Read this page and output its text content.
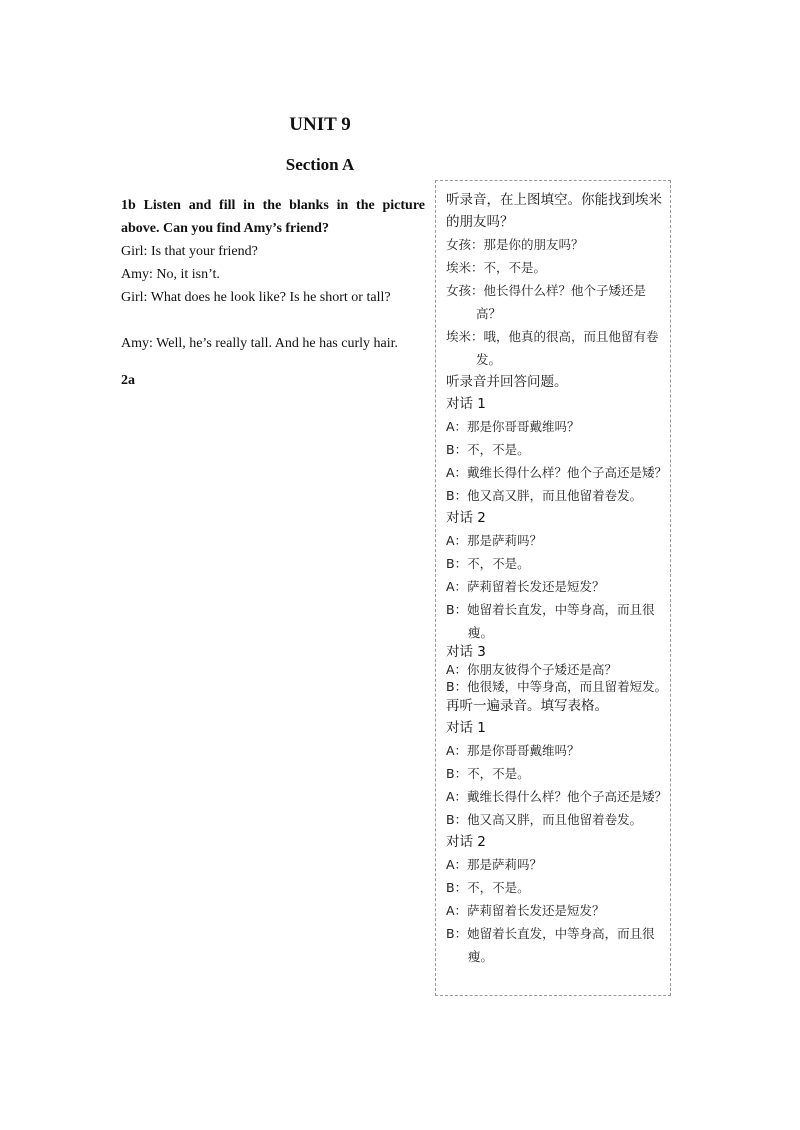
UNIT 9
Section A
1b Listen and fill in the blanks in the picture above. Can you find Amy’s friend?
Girl: Is that your friend?
Amy: No, it isn’t.
Girl: What does he look like? Is he short or tall?
Amy: Well, he’s really tall. And he has curly hair.
2a
听录音，在上图填空。你能找到埃米的朋友吗？
女孩：那是你的朋友吗？
埃米：不，不是。
女孩：他长得什么样？他个子矮还是高？
埃米：哦，他真的很高，而且他留有卷发。
听录音并回答问题。
对话 1
A：那是你哥哥戴维吗？
B：不，不是。
A：戴维长得什么样？他个子高还是矮？
B：他又高又胖，而且他留着卷发。
对话 2
A：那是萨莉吗？
B：不，不是。
A：萨莉留着长发还是短发？
B：她留着长直发，中等身高，而且很瘦。
对话 3
A：你朋友彼得个子矮还是高？
B：他很矮，中等身高，而且留着短发。
再听一遍录音。填写表格。
对话 1
A：那是你哥哥戴维吗？
B：不，不是。
A：戴维长得什么样？他个子高还是矮？
B：他又高又胖，而且他留着卷发。
对话 2
A：那是萨莉吗？
B：不，不是。
A：萨莉留着长发还是短发？
B：她留着长直发，中等身高，而且很瘦。
